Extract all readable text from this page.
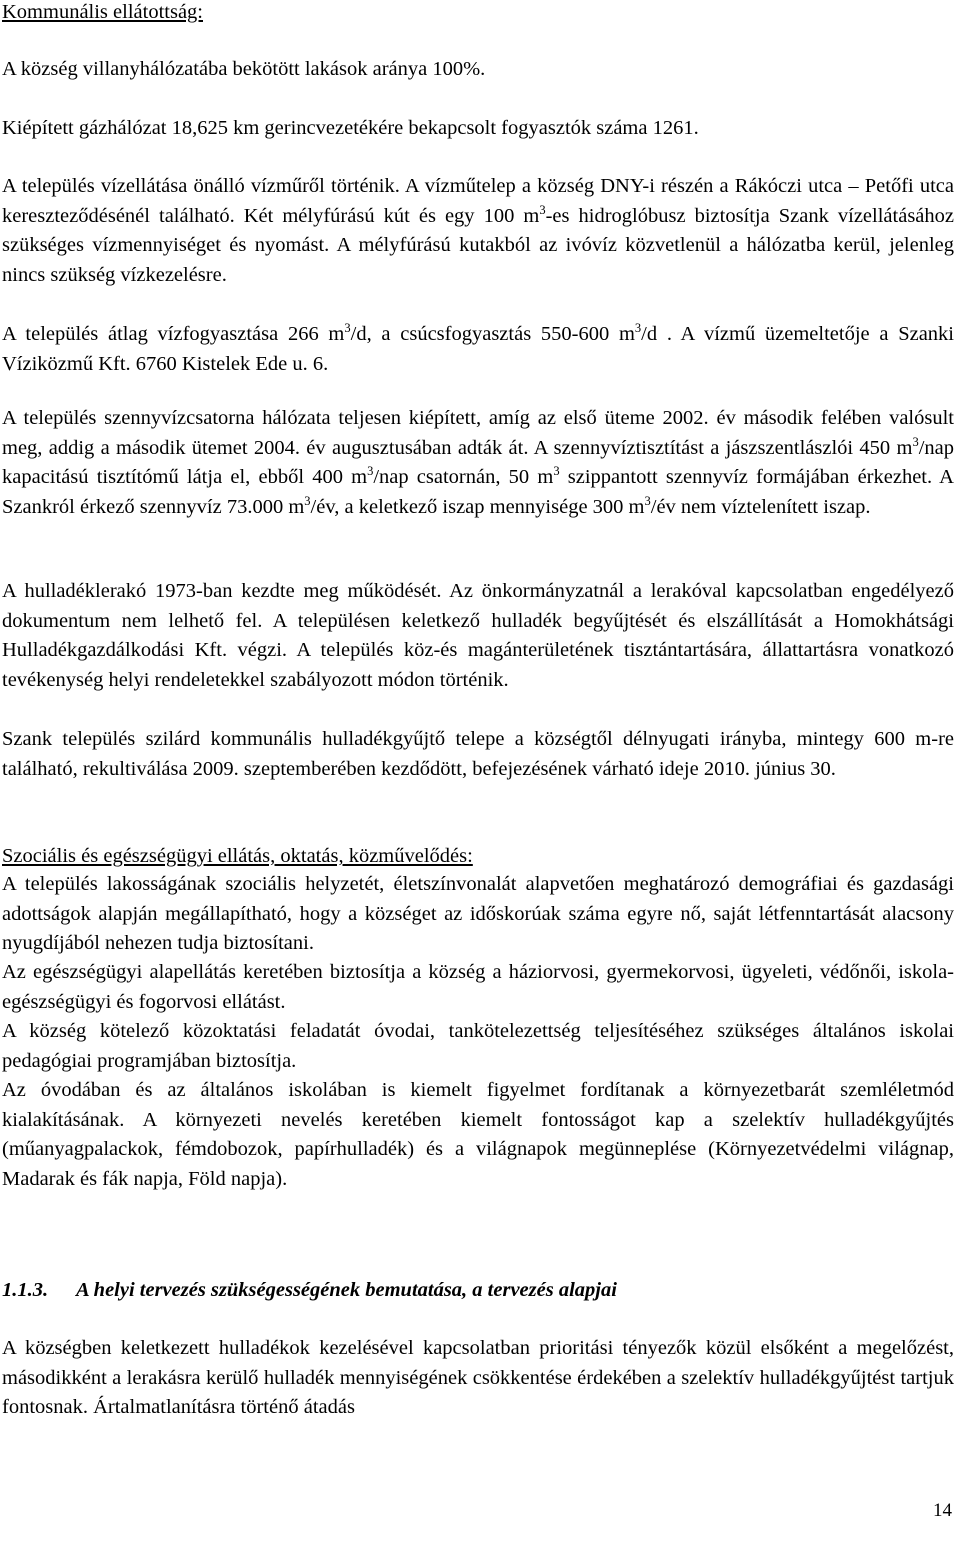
Kommunális ellátottság:

A község villanyhálózatába bekötött lakások aránya 100%.

Kiépített gázhálózat 18,625 km gerincvezetékére bekapcsolt fogyasztók száma 1261.

A település vízellátása önálló vízműről történik. A vízműtelep a község DNY-i részén a Rákóczi utca – Petőfi utca kereszteződésénél található. Két mélyfúrású kút és egy 100 $m^3-es$ hidroglóbusz biztosítja Szank vízellátásához szükséges vízmennyiséget és nyomást. A mélyfúrású kutakból az ivóvíz közvetlenül a hálózatba kerül, jelenleg nincs szükség vízkezelésre.

A település átlag vízfogyasztása 266 $m^3/d$, a csúcsfogyasztás 550-600 $m^3/d$ . A vízmű üzemeltetője a Szanki Víziközmű Kft. 6760 Kistelek Ede u. 6.

A település szennyvízcsatorna hálózata teljesen kiépített, amíg az első üteme 2002. év második felében valósult meg, addig a második ütemet 2004. év augusztusában adták át. A szennyvíztisztítást a jászszentlászlói 450 $m^3$/nap kapacitású tisztítómű látja el, ebből 400 $m^3$/nap csatornán, 50 $m^3$ szippantott szennyvíz formájában érkezhet. A Szankról érkező szennyvíz 73.000 $m^3/év$, a keletkező iszap mennyisége 300 $m^3/év$ nem víztelenített iszap.

A hulladéklerakó 1973-ban kezdte meg működését. Az önkormányzatnál a lerakóval kapcsolatban engedélyező dokumentum nem lelhető fel. A településen keletkező hulladék begyűjtését és elszállítását a Homokhátsági Hulladékgazdálkodási Kft. végzi. A település köz-és magánterületének tisztántartására, állattartásra vonatkozó tevékenység helyi rendeletekkel szabályozott módon történik.

Szank település szilárd kommunális hulladékgyűjtő telepe a községtől délnyugati irányba, mintegy 600 m-re található, rekultiválása 2009. szeptemberében kezdődött, befejezésének várható ideje 2010. június 30.

Szociális és egészségügyi ellátás, oktatás, közművelődés:

A település lakosságának szociális helyzetét, életszínvonalát alapvetően meghatározó demográfiai és gazdasági adottságok alapján megállapítható, hogy a községet az időskorúak száma egyre nő, saját létfenntartását alacsony nyugdíjából nehezen tudja biztosítani.

Az egészségügyi alapellátás keretében biztosítja a község a háziorvosi, gyermekorvosi, ügyeleti, védőnői, iskola-egészségügyi és fogorvosi ellátást.

A község kötelező közoktatási feladatát óvodai, tankötelezettség teljesítéséhez szükséges általános iskolai pedagógiai programjában biztosítja.

Az óvodában és az általános iskolában is kiemelt figyelmet fordítanak a környezetbarát szemléletmód kialakításának. A környezeti nevelés keretében kiemelt fontosságot kap a szelektív hulladékgyűjtés (műanyagpalackok, fémdobozok, papírhulladék) és a világnapok megünneplése (Környezetvédelmi világnap, Madarak és fák napja, Föld napja).

1.1.3. A helyi tervezés szükségességének bemutatása, a tervezés alapjai

A községben keletkezett hulladékok kezelésével kapcsolatban prioritási tényezők közül elsőként a megelőzést, másodikként a lerakásra kerülő hulladék mennyiségének csökkentése érdekében a szelektív hulladékgyűjtést tartjuk fontosnak. Ártalmatlanításra történő átadás

14
